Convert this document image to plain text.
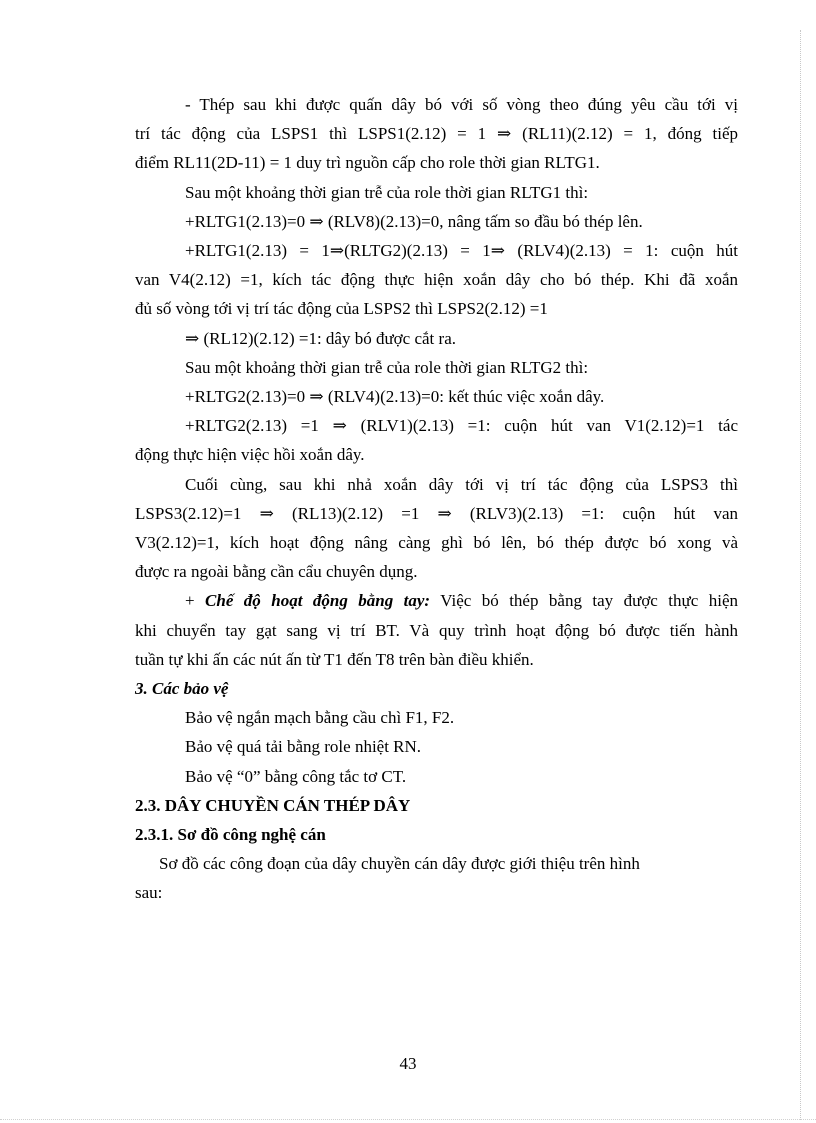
- Thép sau khi được quấn dây bó với số vòng theo đúng yêu cầu tới vị

trí tác động của LSPS1 thì LSPS1(2.12) = 1 ⇒ (RL11)(2.12) = 1, đóng tiếp

điểm RL11(2D-11) = 1 duy trì nguồn cấp cho role thời gian RLTG1.

Sau một khoảng thời gian trễ của role thời gian RLTG1 thì:

+RLTG1(2.13)=0 ⇒ (RLV8)(2.13)=0, nâng tấm so đầu bó thép lên.

+RLTG1(2.13) = 1⇒(RLTG2)(2.13) = 1⇒ (RLV4)(2.13) = 1: cuộn hút

van V4(2.12) =1, kích tác động thực hiện xoắn dây cho bó thép. Khi đã xoắn

đủ số vòng tới vị trí tác động của LSPS2 thì LSPS2(2.12) =1

⇒ (RL12)(2.12) =1: dây bó được cắt ra.

Sau một khoảng thời gian trễ của role thời gian RLTG2 thì:

+RLTG2(2.13)=0 ⇒ (RLV4)(2.13)=0: kết thúc việc xoắn dây.

+RLTG2(2.13) =1 ⇒ (RLV1)(2.13) =1: cuộn hút van V1(2.12)=1 tác

động thực hiện việc hồi xoắn dây.

Cuối cùng, sau khi nhả xoắn dây tới vị trí tác động của LSPS3 thì

LSPS3(2.12)=1 ⇒ (RL13)(2.12) =1 ⇒ (RLV3)(2.13) =1: cuộn hút van

V3(2.12)=1, kích hoạt động nâng càng ghì bó lên, bó thép được bó xong và

được ra ngoài bằng cần cẩu chuyên dụng.

+ Chế độ hoạt động bằng tay: Việc bó thép bằng tay được thực hiện

khi chuyển tay gạt sang vị trí BT. Và quy trình hoạt động bó được tiến hành

tuần tự khi ấn các nút ấn từ T1 đến T8 trên bàn điều khiển.

3. Các bảo vệ

Bảo vệ ngắn mạch bằng cầu chì F1, F2.

Bảo vệ quá tải bằng role nhiệt RN.

Bảo vệ “0” bằng công tắc tơ CT.

2.3. DÂY CHUYỀN CÁN THÉP DÂY

2.3.1. Sơ đồ công nghệ cán

Sơ đồ các công đoạn của dây chuyền cán dây được giới thiệu trên hình

sau:

43
